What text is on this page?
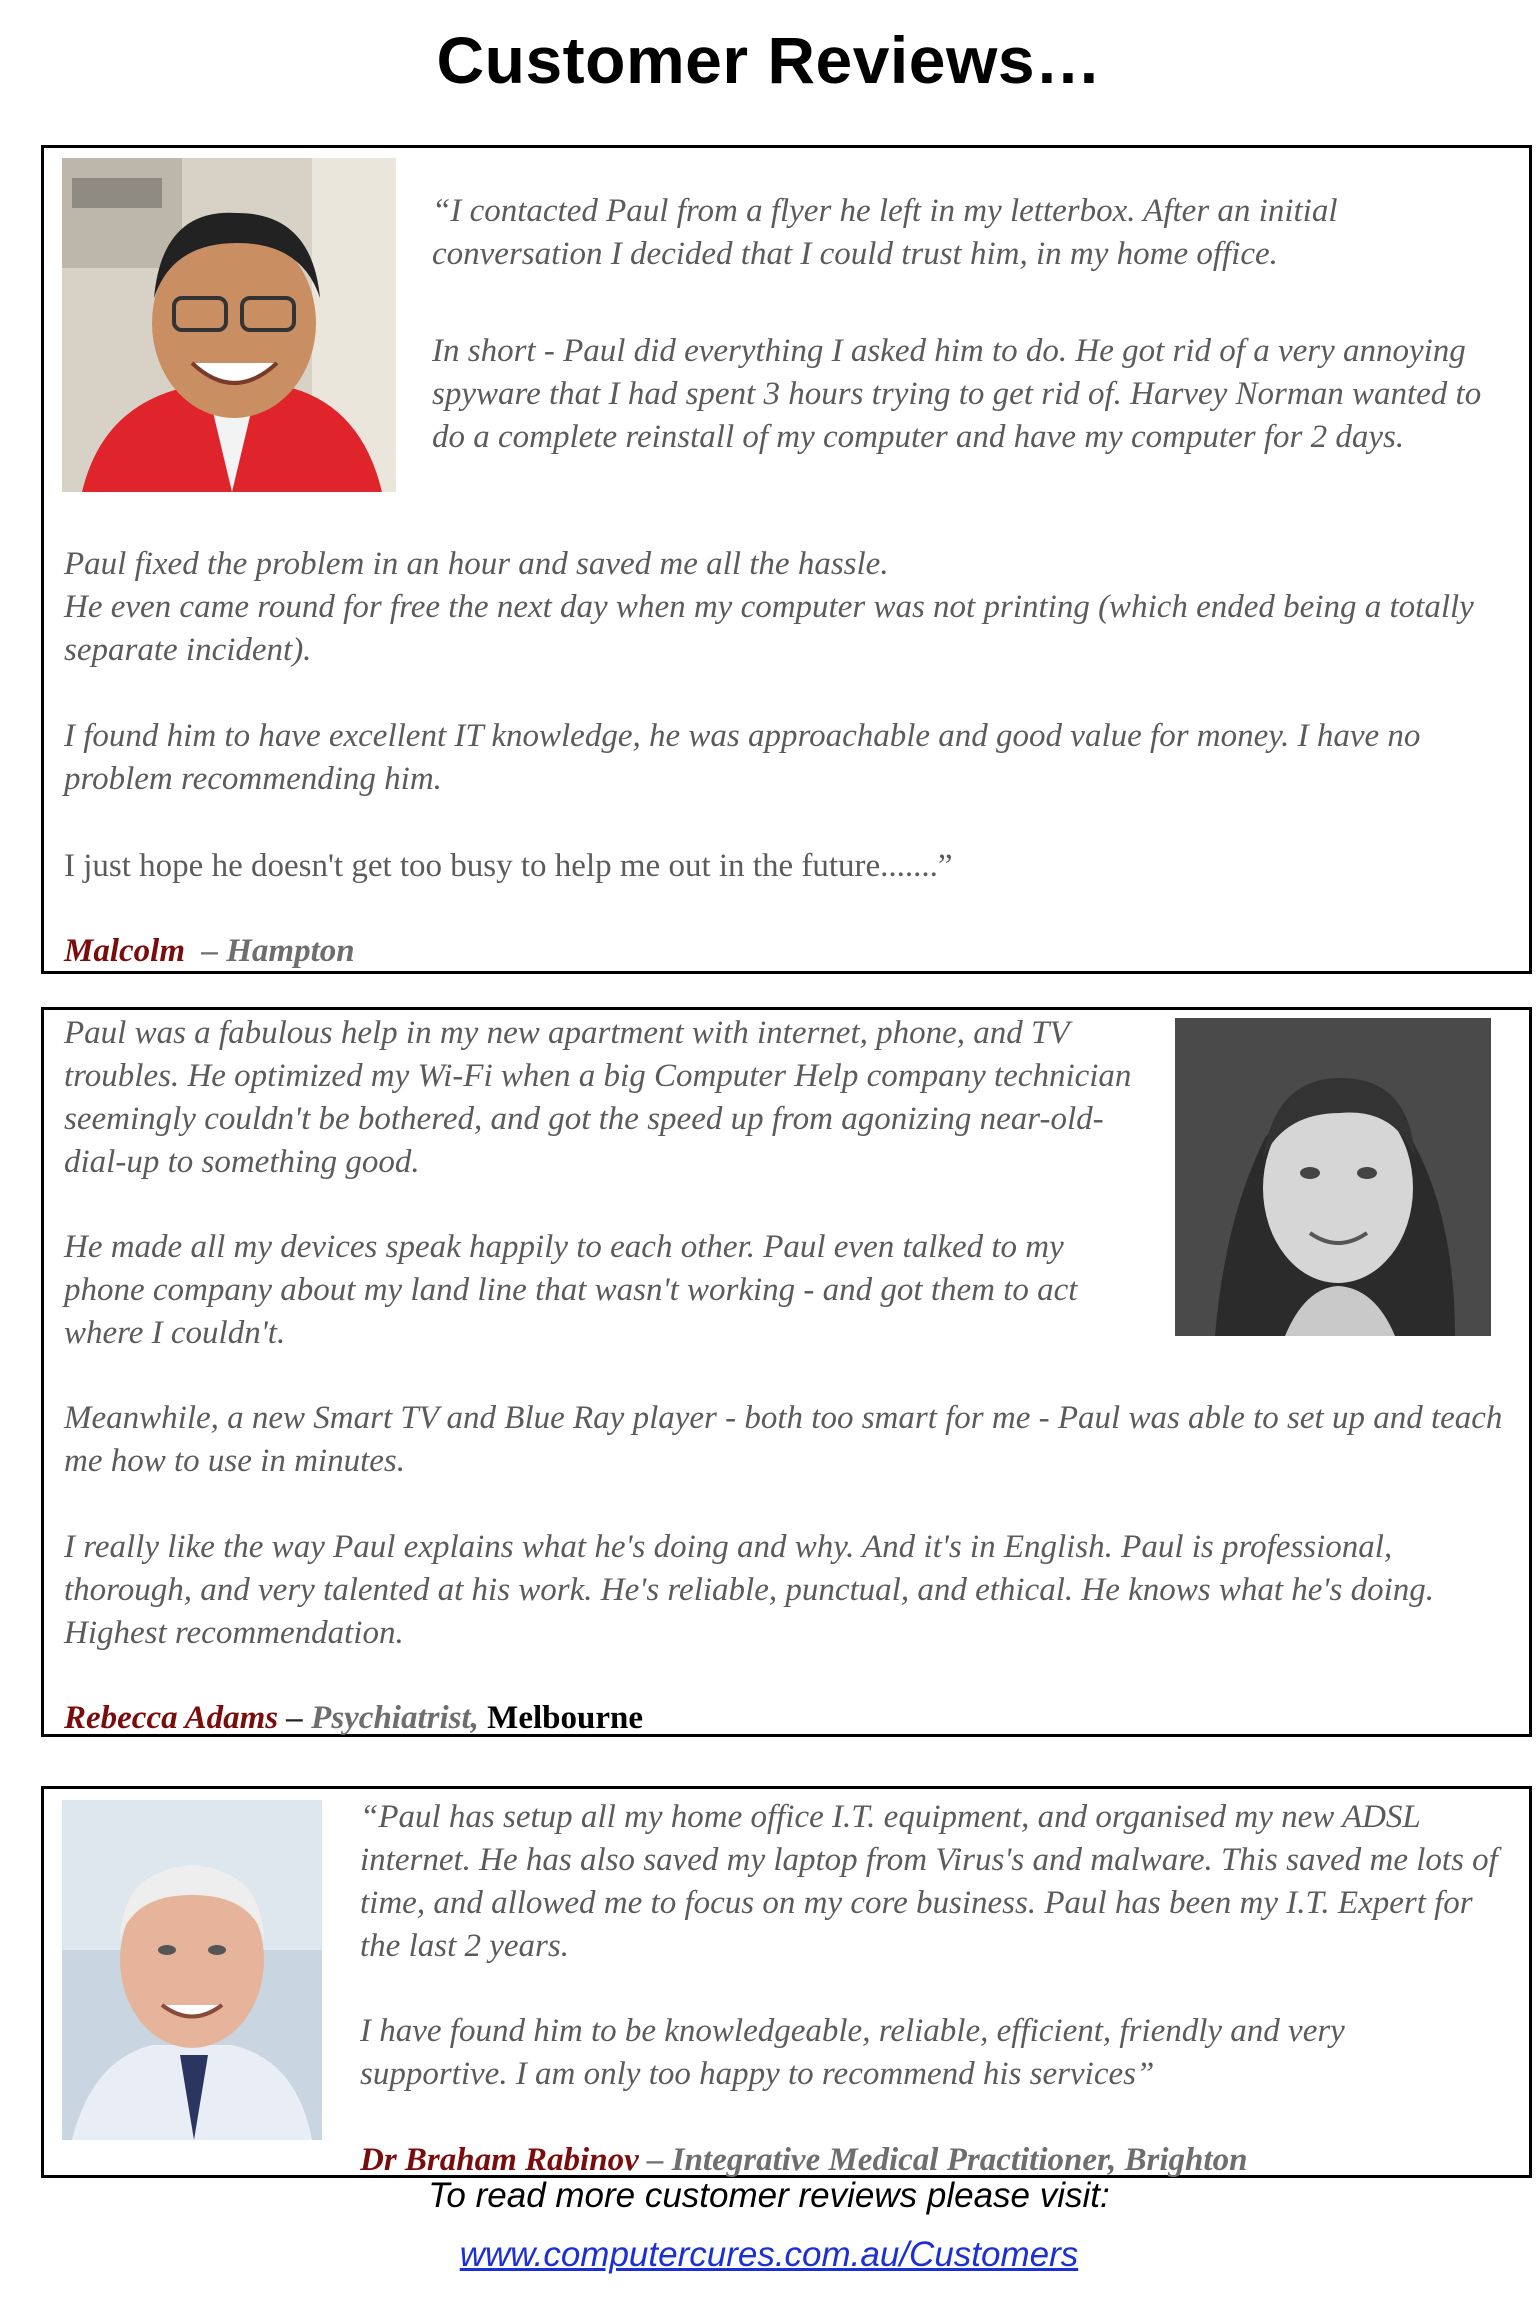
Customer Reviews…
“I contacted Paul from a flyer he left in my letterbox. After an initial conversation I decided that I could trust him, in my home office.
In short - Paul did everything I asked him to do. He got rid of a very annoying spyware that I had spent 3 hours trying to get rid of. Harvey Norman wanted to do a complete reinstall of my computer and have my computer for 2 days.
Paul fixed the problem in an hour and saved me all the hassle.
He even came round for free the next day when my computer was not printing (which ended being a totally separate incident).
I found him to have excellent IT knowledge, he was approachable and good value for money. I have no problem recommending him.
I just hope he doesn't get too busy to help me out in the future.......”
Malcolm – Hampton
Paul was a fabulous help in my new apartment with internet, phone, and TV troubles. He optimized my Wi-Fi when a big Computer Help company technician seemingly couldn't be bothered, and got the speed up from agonizing near-old-dial-up to something good.
He made all my devices speak happily to each other. Paul even talked to my phone company about my land line that wasn't working - and got them to act where I couldn't.
Meanwhile, a new Smart TV and Blue Ray player - both too smart for me - Paul was able to set up and teach me how to use in minutes.
I really like the way Paul explains what he's doing and why. And it's in English. Paul is professional, thorough, and very talented at his work. He's reliable, punctual, and ethical. He knows what he's doing. Highest recommendation.
Rebecca Adams – Psychiatrist, Melbourne
“Paul has setup all my home office I.T. equipment, and organised my new ADSL internet. He has also saved my laptop from Virus's and malware. This saved me lots of time, and allowed me to focus on my core business. Paul has been my I.T. Expert for the last 2 years.
I have found him to be knowledgeable, reliable, efficient, friendly and very supportive. I am only too happy to recommend his services”
Dr Braham Rabinov – Integrative Medical Practitioner, Brighton
To read more customer reviews please visit:
www.computercures.com.au/Customers
